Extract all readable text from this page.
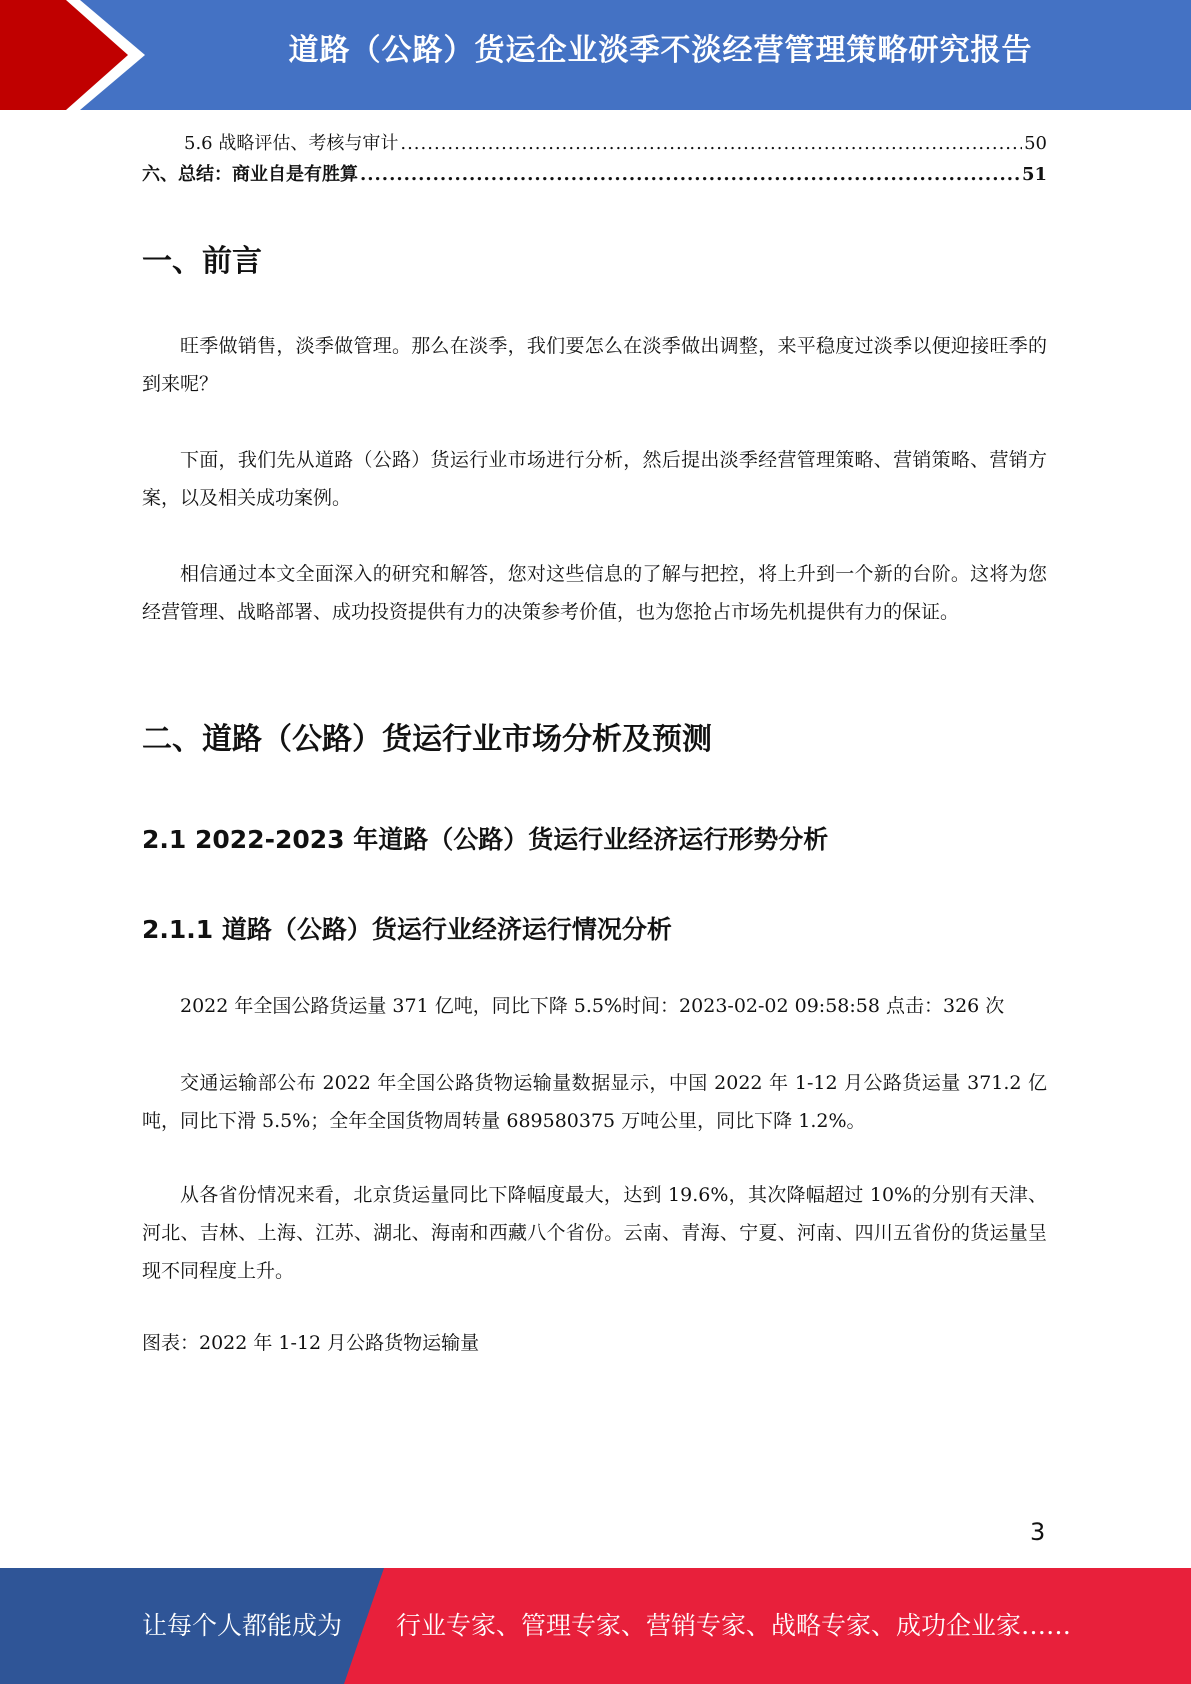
道路（公路）货运企业淡季不淡经营管理策略研究报告
5.6 战略评估、考核与审计 .....	50
六、总结：商业自是有胜算 .....	51
一、前言

旺季做销售，淡季做管理。那么在淡季，我们要怎么在淡季做出调整，来平稳度过淡季以便迎接旺季的到来呢？

下面，我们先从道路（公路）货运行业市场进行分析，然后提出淡季经营管理策略、营销策略、营销方案，以及相关成功案例。

相信通过本文全面深入的研究和解答，您对这些信息的了解与把控，将上升到一个新的台阶。这将为您经营管理、战略部署、成功投资提供有力的决策参考价值，也为您抢占市场先机提供有力的保证。

二、道路（公路）货运行业市场分析及预测
2.1 2022-2023 年道路（公路）货运行业经济运行形势分析
2.1.1 道路（公路）货运行业经济运行情况分析

2022 年全国公路货运量 371 亿吨，同比下降 5.5%时间：2023-02-02 09:58:58 点击：326 次

交通运输部公布 2022 年全国公路货物运输量数据显示，中国 2022 年 1-12 月公路货运量 371.2 亿吨，同比下滑 5.5%；全年全国货物周转量 689580375 万吨公里，同比下降 1.2%。

从各省份情况来看，北京货运量同比下降幅度最大，达到 19.6%，其次降幅超过 10%的分别有天津、河北、吉林、上海、江苏、湖北、海南和西藏八个省份。云南、青海、宁夏、河南、四川五省份的货运量呈现不同程度上升。

图表：2022 年 1-12 月公路货物运输量

3
让每个人都能成为 行业专家、管理专家、营销专家、战略专家、成功企业家……
